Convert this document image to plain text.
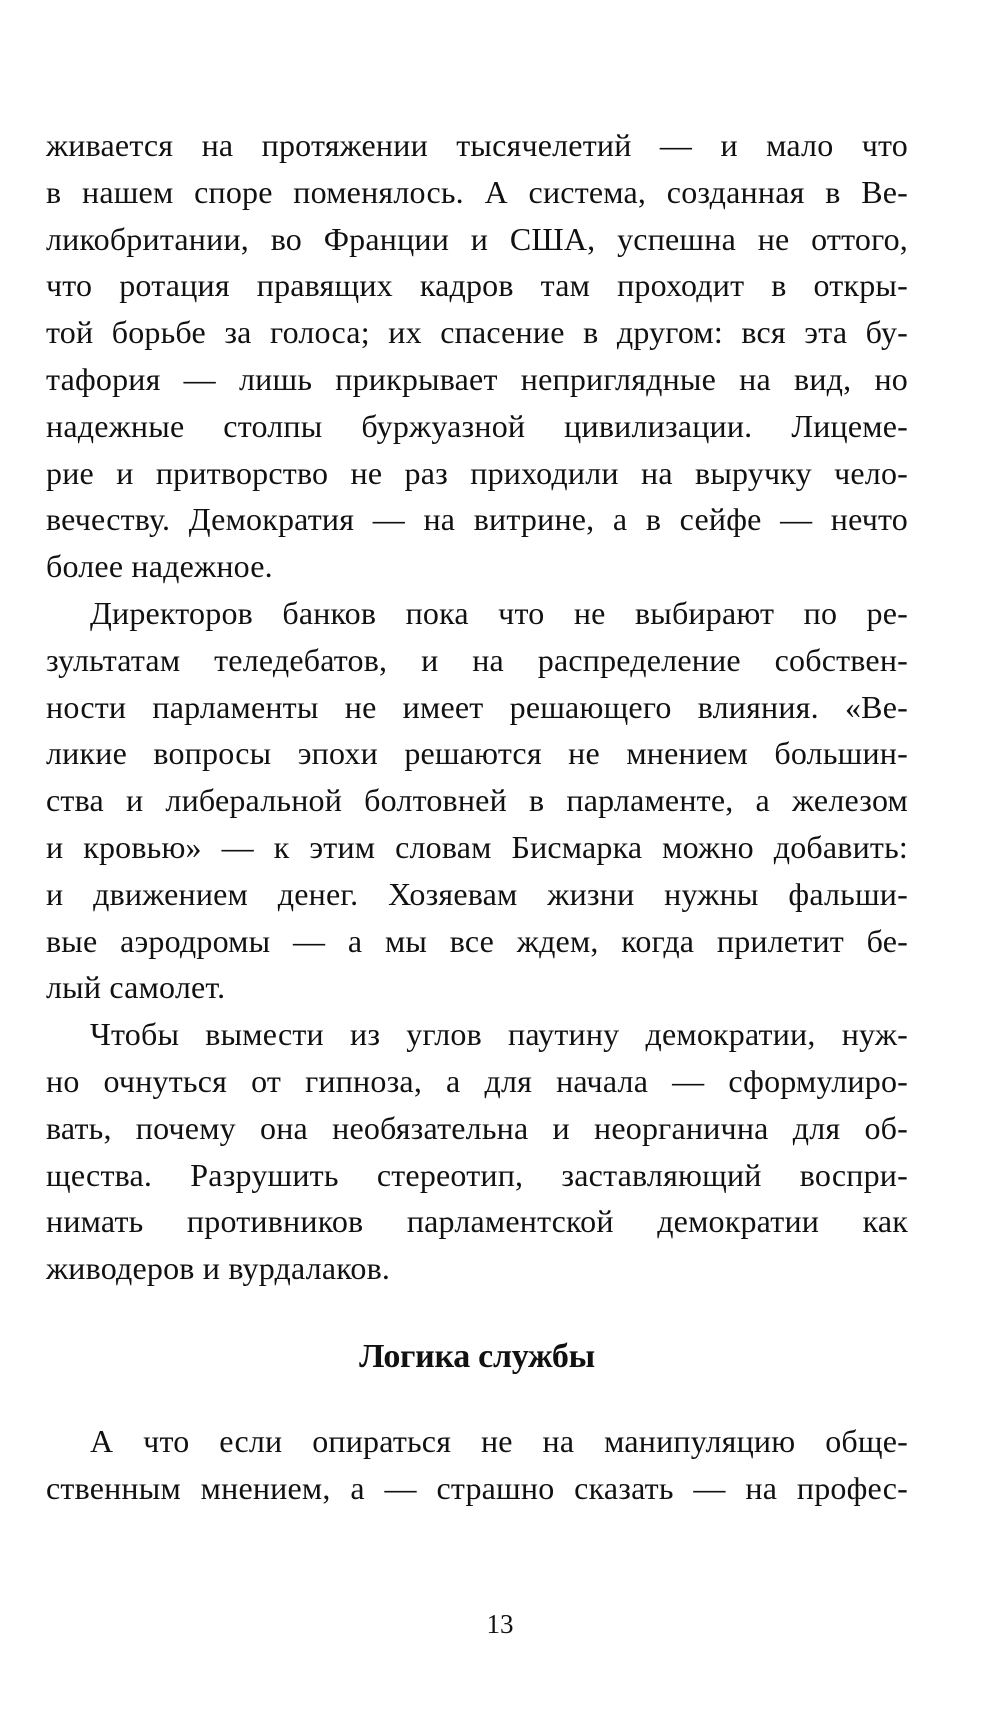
живается на протяжении тысячелетий — и мало что
в нашем споре поменялось. А система, созданная в Ве-
ликобритании, во Франции и США, успешна не оттого,
что ротация правящих кадров там проходит в откры-
той борьбе за голоса; их спасение в другом: вся эта бу-
тафория — лишь прикрывает неприглядные на вид, но
надежные столпы буржуазной цивилизации. Лицеме-
рие и притворство не раз приходили на выручку чело-
вечеству. Демократия — на витрине, а в сейфе — нечто
более надежное.
Директоров банков пока что не выбирают по ре-
зультатам теледебатов, и на распределение собствен-
ности парламенты не имеет решающего влияния. «Ве-
ликие вопросы эпохи решаются не мнением большин-
ства и либеральной болтовней в парламенте, а железом
и кровью» — к этим словам Бисмарка можно добавить:
и движением денег. Хозяевам жизни нужны фальши-
вые аэродромы — а мы все ждем, когда прилетит бе-
лый самолет.
Чтобы вымести из углов паутину демократии, нуж-
но очнуться от гипноза, а для начала — сформулиро-
вать, почему она необязательна и неорганична для об-
щества. Разрушить стереотип, заставляющий воспри-
нимать противников парламентской демократии как
живодеров и вурдалаков.
Логика службы
А что если опираться не на манипуляцию обще-
ственным мнением, а — страшно сказать — на профес-
13
